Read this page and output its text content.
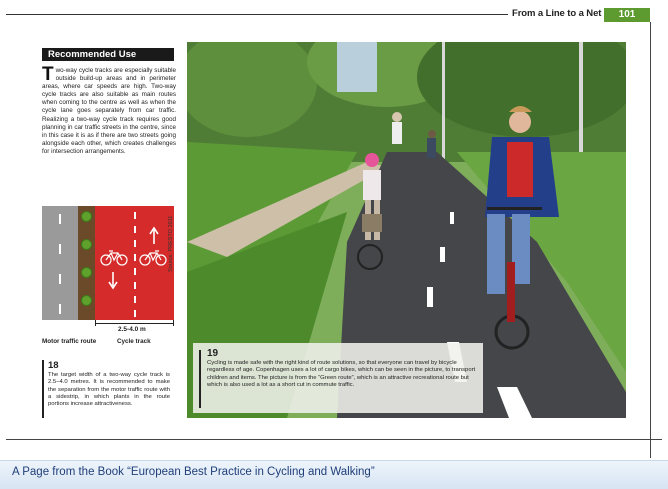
From a Line to a Net	101
Recommended Use
Two-way cycle tracks are especially suitable outside build-up areas and in perimeter areas, where car speeds are high. Two-way cycle tracks are also suitable as main routes when coming to the centre as well as when the cycle lane goes separately from car traffic. Realizing a two-way cycle track requires good planning in car traffic streets in the centre, since in this case it is as if there are two streets going alongside each other, which creates challenges for intersection arrangements.
Source: PRESTO 2011
2.5-4.0 m
Motor traffic route	Cycle track
18
The target width of a two-way cycle track is 2.5–4.0 metres. It is recommended to make the separation from the motor traffic route with a sidestrip, in which plants in the route portions increase attractiveness.
19
Cycling is made safe with the right kind of route solutions, so that everyone can travel by bicycle regardless of age. Copenhagen uses a lot of cargo bikes, which can be seen in the picture, to transport children and items. The picture is from the “Green route”, which is an attractive recreational route but which is also used a lot as a short cut in commute traffic.
A Page from the Book “European Best Practice in Cycling and Walking”
